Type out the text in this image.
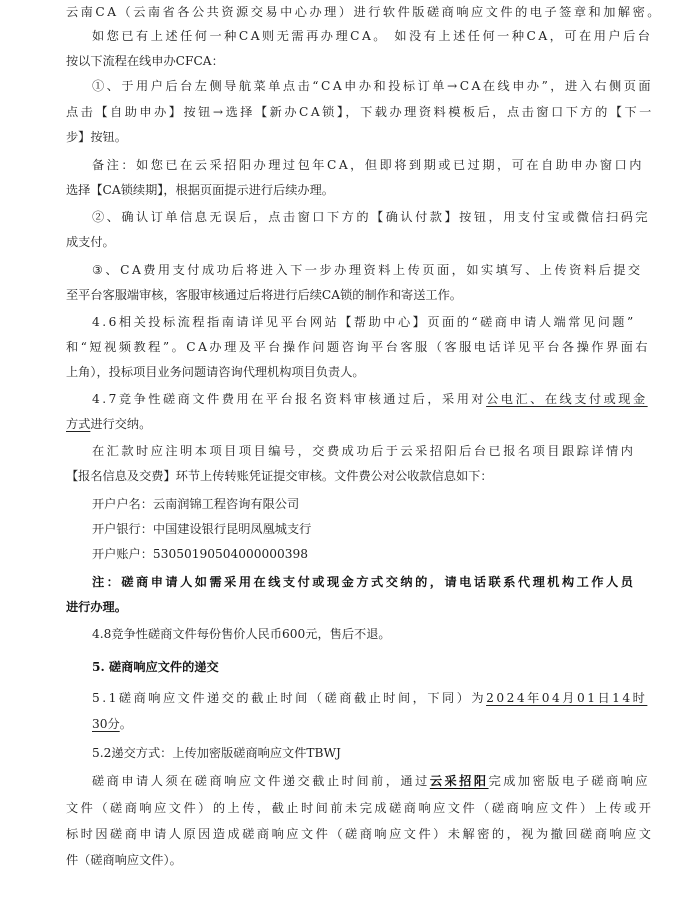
云南CA（云南省各公共资源交易中心办理）进行软件版磋商响应文件的电子签章和加解密。
如您已有上述任何一种CA则无需再办理CA。 如没有上述任何一种CA，可在用户后台
按以下流程在线申办CFCA：
①、于用户后台左侧导航菜单点击“CA申办和投标订单→CA在线申办”，进入右侧页面
点击【自助申办】按钮→选择【新办CA锁】，下载办理资料模板后，点击窗口下方的【下一
步】按钮。
备注：如您已在云采招阳办理过包年CA，但即将到期或已过期，可在自助申办窗口内
选择【CA锁续期】，根据页面提示进行后续办理。
②、确认订单信息无误后，点击窗口下方的【确认付款】按钮，用支付宝或微信扫码完
成支付。
③、CA费用支付成功后将进入下一步办理资料上传页面，如实填写、上传资料后提交
至平台客服端审核，客服审核通过后将进行后续CA锁的制作和寄送工作。
4.6相关投标流程指南请详见平台网站【帮助中心】页面的“磋商申请人端常见问题”
和“短视频教程”。CA办理及平台操作问题咨询平台客服（客服电话详见平台各操作界面右
上角），投标项目业务问题请咨询代理机构项目负责人。
4.7竞争性磋商文件费用在平台报名资料审核通过后，采用对公电汇、在线支付或现金
方式进行交纳。
在汇款时应注明本项目项目编号，交费成功后于云采招阳后台已报名项目跟踪详情内
【报名信息及交费】环节上传转账凭证提交审核。文件费公对公收款信息如下：
开户户名：云南润锦工程咨询有限公司
开户银行：中国建设银行昆明凤凰城支行
开户账户：53050190504000000398
注：磋商申请人如需采用在线支付或现金方式交纳的，请电话联系代理机构工作人员
进行办理。
4.8竞争性磋商文件每份售价人民币600元，售后不退。
5. 磋商响应文件的递交
5.1磋商响应文件递交的截止时间（磋商截止时间，下同）为2024年04月01日14时
30分。
5.2递交方式：上传加密版磋商响应文件TBWJ
磋商申请人须在磋商响应文件递交截止时间前，通过云采招阳完成加密版电子磋商响应
文件（磋商响应文件）的上传，截止时间前未完成磋商响应文件（磋商响应文件）上传或开
标时因磋商申请人原因造成磋商响应文件（磋商响应文件）未解密的，视为撤回磋商响应文
件（磋商响应文件）。
